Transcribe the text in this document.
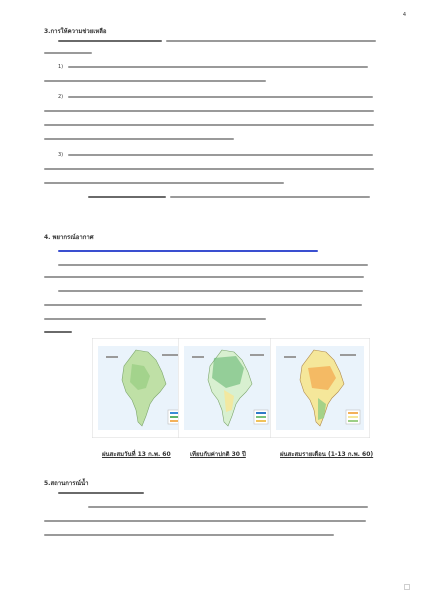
4
3.การให้ความช่วยเหลือ
1)
2)
3)
4. พยากรณ์อากาศ
ฝนสะสมวันที่ 13 ก.พ. 60	เทียบกับค่าปกติ 30 ปี	ฝนสะสมรายเดือน (1-13 ก.พ. 60)
5.สถานการณ์น้ำ
